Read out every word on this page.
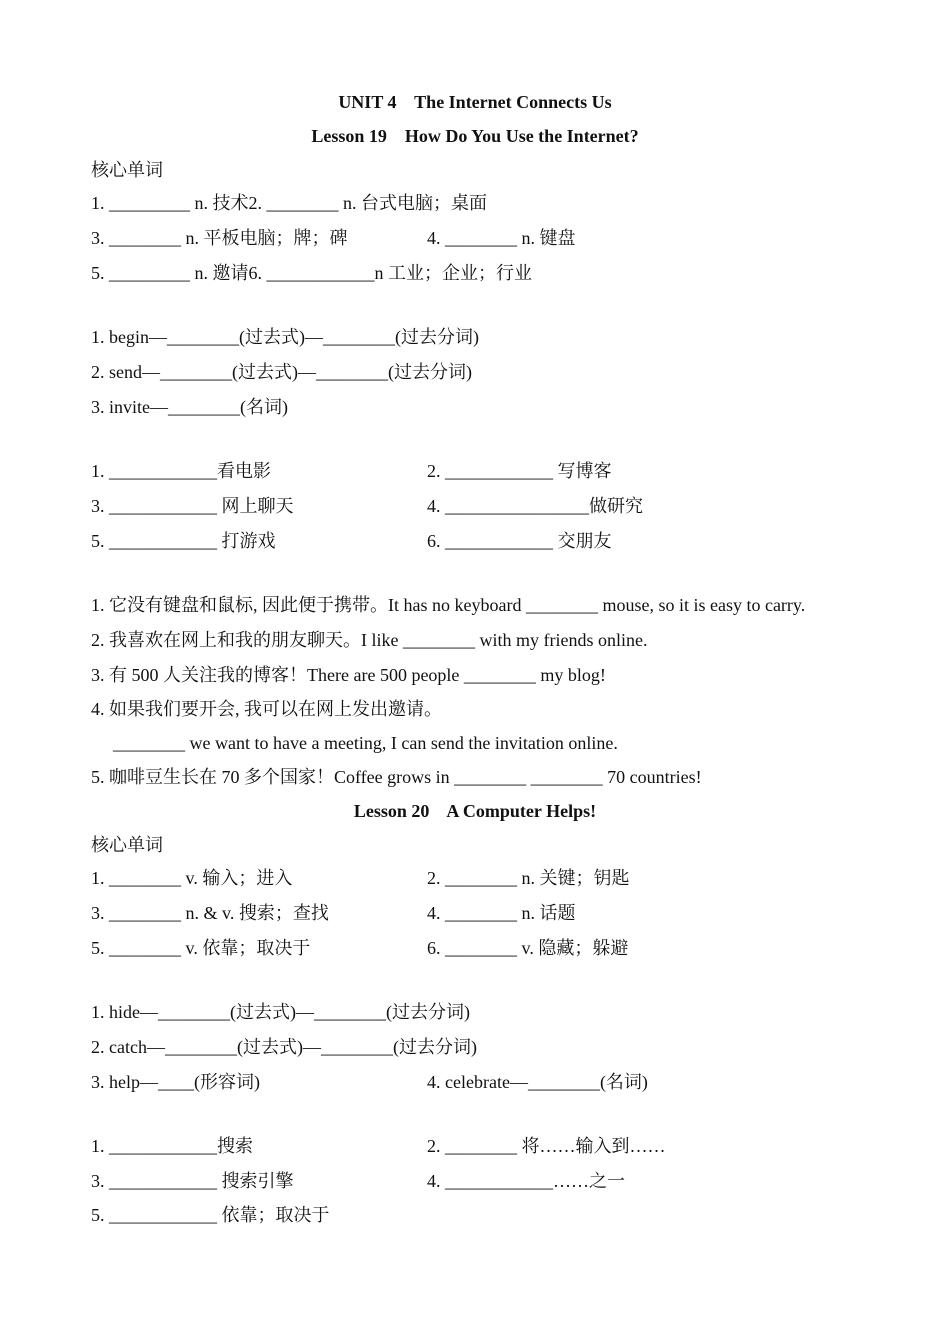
UNIT 4    The Internet Connects Us
Lesson 19    How Do You Use the Internet?
核心单词
1. _________ n. 技术2. ________ n. 台式电脑；桌面
3. ________ n. 平板电脑；牌；碑	4. ________ n. 键盘
5. _________ n. 邀请6. ____________n 工业；企业；行业
1. begin—________(过去式)—________(过去分词)
2. send—________(过去式)—________(过去分词)
3. invite—________(名词)
1. ____________看电影	2. ____________ 写博客
3. ____________ 网上聊天	4. ________________做研究
5. ____________ 打游戏	6. ____________ 交朋友
1. 它没有键盘和鼠标, 因此便于携带。It has no keyboard ________ mouse, so it is easy to carry.
2. 我喜欢在网上和我的朋友聊天。I like ________ with my friends online.
3. 有 500 人关注我的博客！There are 500 people ________ my blog!
4. 如果我们要开会, 我可以在网上发出邀请。
________ we want to have a meeting, I can send the invitation online.
5. 咖啡豆生长在 70 多个国家！Coffee grows in ________ ________ 70 countries!
Lesson 20    A Computer Helps!
核心单词
1. ________ v. 输入；进入	2. ________ n. 关键；钥匙
3. ________ n. & v. 搜索；查找	4. ________ n. 话题
5. ________ v. 依靠；取决于	6. ________ v. 隐藏；躲避
1. hide—________(过去式)—________(过去分词)
2. catch—________(过去式)—________(过去分词)
3. help—____(形容词)	4. celebrate—________(名词)
1. ____________搜索	2. ________ 将……输入到……
3. ____________ 搜索引擎	4. ____________……之一
5. ____________ 依靠；取决于
